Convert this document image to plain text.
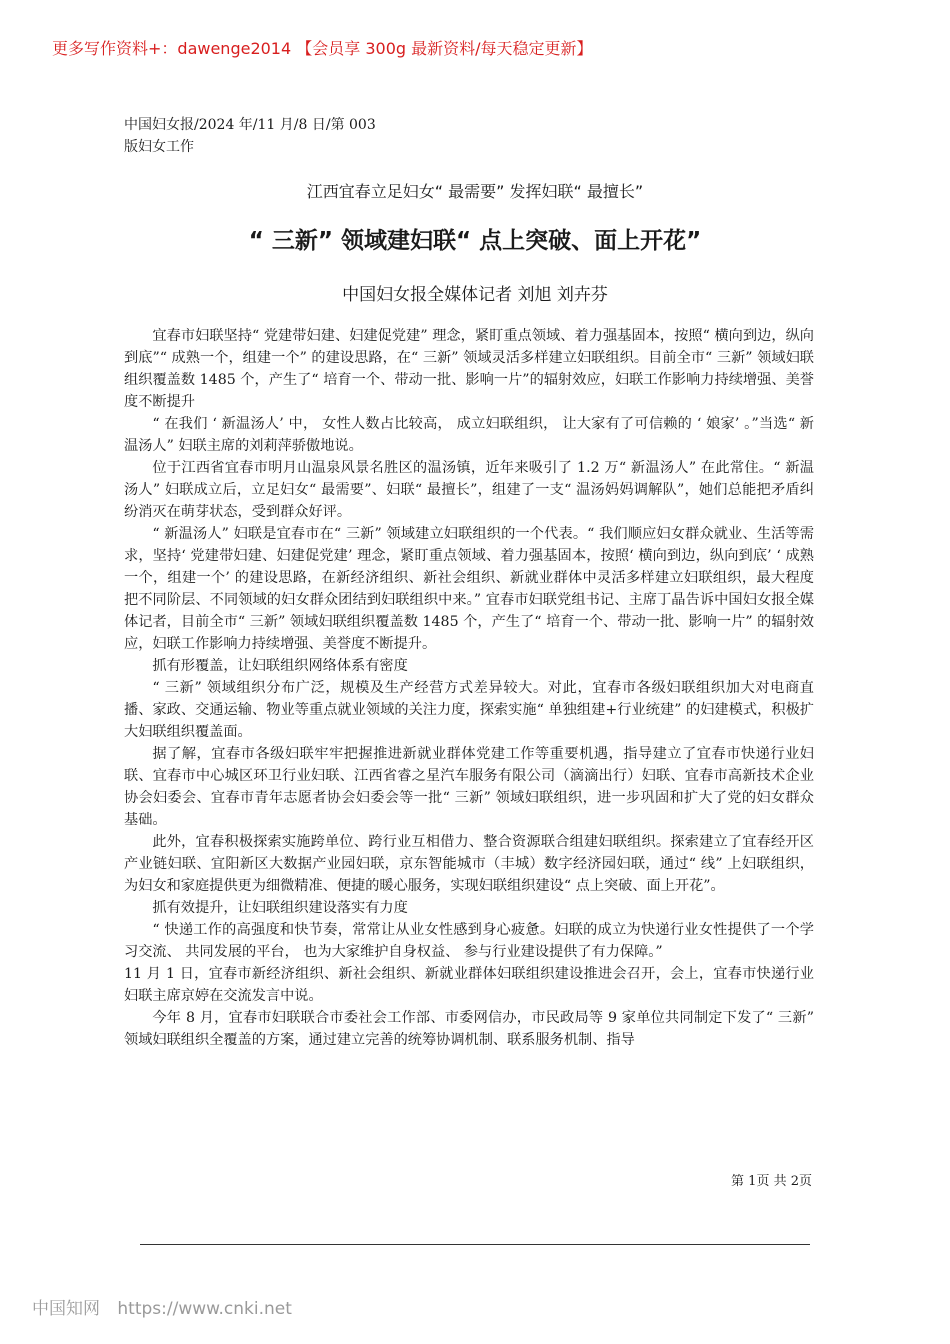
更多写作资料+：dawenge2014 【会员享 300g 最新资料/每天稳定更新】
中国妇女报/2024 年/11 月/8 日/第 003
版妇女工作
江西宜春立足妇女“ 最需要” 发挥妇联“ 最擅长”
“ 三新” 领域建妇联“ 点上突破、面上开花”
中国妇女报全媒体记者 刘旭 刘卉芬

宜春市妇联坚持“ 党建带妇建、妇建促党建” 理念，紧盯重点领域、着力强基固本，按照“ 横向到边，纵向到底”“ 成熟一个，组建一个” 的建设思路，在“ 三新” 领域灵活多样建立妇联组织。目前全市“ 三新” 领域妇联组织覆盖数 1485 个，产生了“ 培育一个、带动一批、影响一片”的辐射效应，妇联工作影响力持续增强、美誉度不断提升

“ 在我们 ‘ 新温汤人’ 中， 女性人数占比较高， 成立妇联组织， 让大家有了可信赖的 ‘ 娘家’ 。”当选“ 新温汤人” 妇联主席的刘莉萍骄傲地说。

位于江西省宜春市明月山温泉风景名胜区的温汤镇，近年来吸引了 1.2 万“ 新温汤人” 在此常住。“ 新温汤人” 妇联成立后，立足妇女“ 最需要”、妇联“ 最擅长”，组建了一支“ 温汤妈妈调解队”，她们总能把矛盾纠纷消灭在萌芽状态，受到群众好评。

“ 新温汤人” 妇联是宜春市在“ 三新” 领域建立妇联组织的一个代表。“ 我们顺应妇女群众就业、生活等需求，坚持‘ 党建带妇建、妇建促党建’ 理念，紧盯重点领域、着力强基固本，按照‘ 横向到边，纵向到底’ ‘ 成熟一个，组建一个’ 的建设思路，在新经济组织、新社会组织、新就业群体中灵活多样建立妇联组织，最大程度把不同阶层、不同领域的妇女群众团结到妇联组织中来。” 宜春市妇联党组书记、主席丁晶告诉中国妇女报全媒体记者，目前全市“ 三新” 领域妇联组织覆盖数 1485 个，产生了“ 培育一个、带动一批、影响一片” 的辐射效应，妇联工作影响力持续增强、美誉度不断提升。

抓有形覆盖，让妇联组织网络体系有密度

“ 三新” 领域组织分布广泛，规模及生产经营方式差异较大。对此，宜春市各级妇联组织加大对电商直播、家政、交通运输、物业等重点就业领域的关注力度，探索实施“ 单独组建+行业统建” 的妇建模式，积极扩大妇联组织覆盖面。

据了解，宜春市各级妇联牢牢把握推进新就业群体党建工作等重要机遇，指导建立了宜春市快递行业妇联、宜春市中心城区环卫行业妇联、江西省睿之星汽车服务有限公司（滴滴出行）妇联、宜春市高新技术企业协会妇委会、宜春市青年志愿者协会妇委会等一批“ 三新” 领域妇联组织，进一步巩固和扩大了党的妇女群众基础。

此外，宜春积极探索实施跨单位、跨行业互相借力、整合资源联合组建妇联组织。探索建立了宜春经开区产业链妇联、宜阳新区大数据产业园妇联，京东智能城市（丰城）数字经济园妇联，通过“ 线” 上妇联组织，为妇女和家庭提供更为细微精准、便捷的暖心服务，实现妇联组织建设“ 点上突破、面上开花”。

抓有效提升，让妇联组织建设落实有力度

“ 快递工作的高强度和快节奏，常常让从业女性感到身心疲惫。妇联的成立为快递行业女性提供了一个学习交流、 共同发展的平台， 也为大家维护自身权益、 参与行业建设提供了有力保障。”

11 月 1 日，宜春市新经济组织、新社会组织、新就业群体妇联组织建设推进会召开，会上，宜春市快递行业妇联主席京婷在交流发言中说。

今年 8 月，宜春市妇联联合市委社会工作部、市委网信办，市民政局等 9 家单位共同制定下发了“ 三新” 领域妇联组织全覆盖的方案，通过建立完善的统筹协调机制、联系服务机制、指导

第 1页 共 2页
中国知网 https://www.cnki.net
